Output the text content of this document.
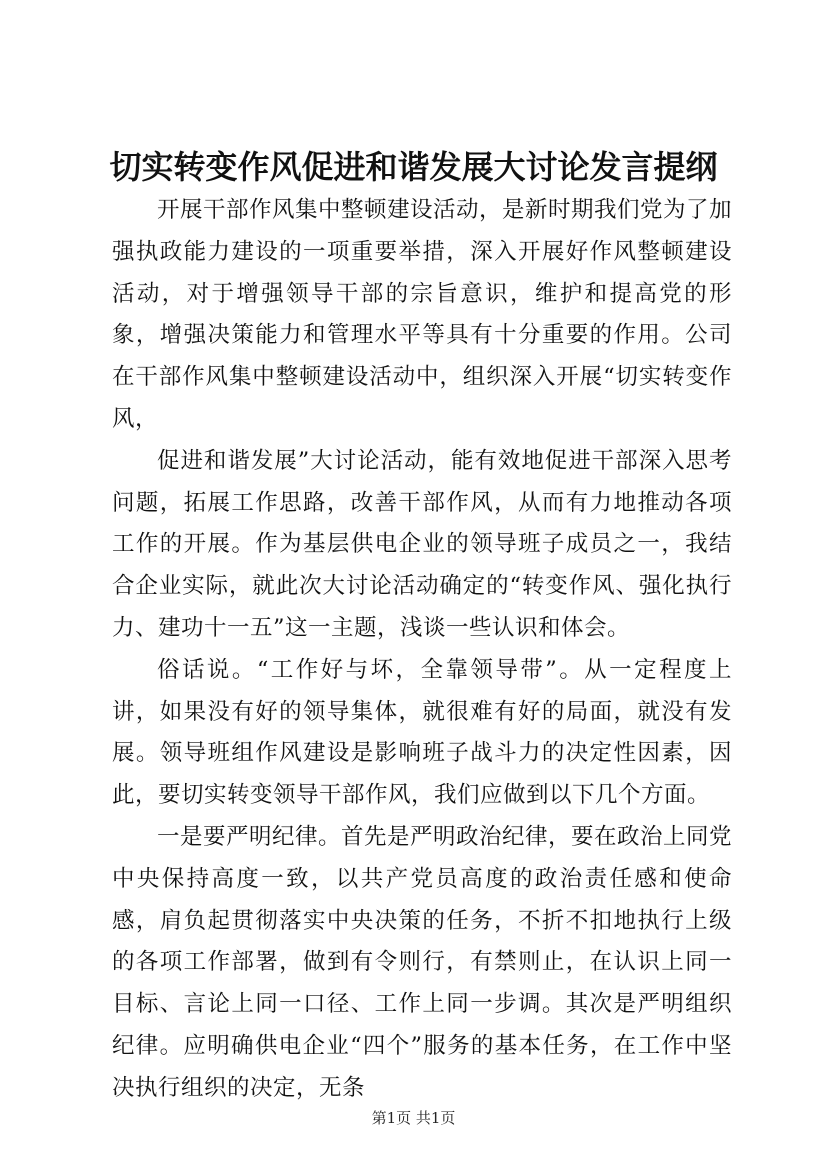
切实转变作风促进和谐发展大讨论发言提纲

开展干部作风集中整顿建设活动，是新时期我们党为了加强执政能力建设的一项重要举措，深入开展好作风整顿建设活动，对于增强领导干部的宗旨意识，维护和提高党的形象，增强决策能力和管理水平等具有十分重要的作用。公司在干部作风集中整顿建设活动中，组织深入开展“切实转变作风，

促进和谐发展”大讨论活动，能有效地促进干部深入思考问题，拓展工作思路，改善干部作风，从而有力地推动各项工作的开展。作为基层供电企业的领导班子成员之一，我结合企业实际，就此次大讨论活动确定的“转变作风、强化执行力、建功十一五”这一主题，浅谈一些认识和体会。

俗话说。“工作好与坏，全靠领导带”。从一定程度上讲，如果没有好的领导集体，就很难有好的局面，就没有发展。领导班组作风建设是影响班子战斗力的决定性因素，因此，要切实转变领导干部作风，我们应做到以下几个方面。

一是要严明纪律。首先是严明政治纪律，要在政治上同党中央保持高度一致，以共产党员高度的政治责任感和使命感，肩负起贯彻落实中央决策的任务，不折不扣地执行上级的各项工作部署，做到有令则行，有禁则止，在认识上同一目标、言论上同一口径、工作上同一步调。其次是严明组织纪律。应明确供电企业“四个”服务的基本任务，在工作中坚决执行组织的决定，无条

第1页 共1页
